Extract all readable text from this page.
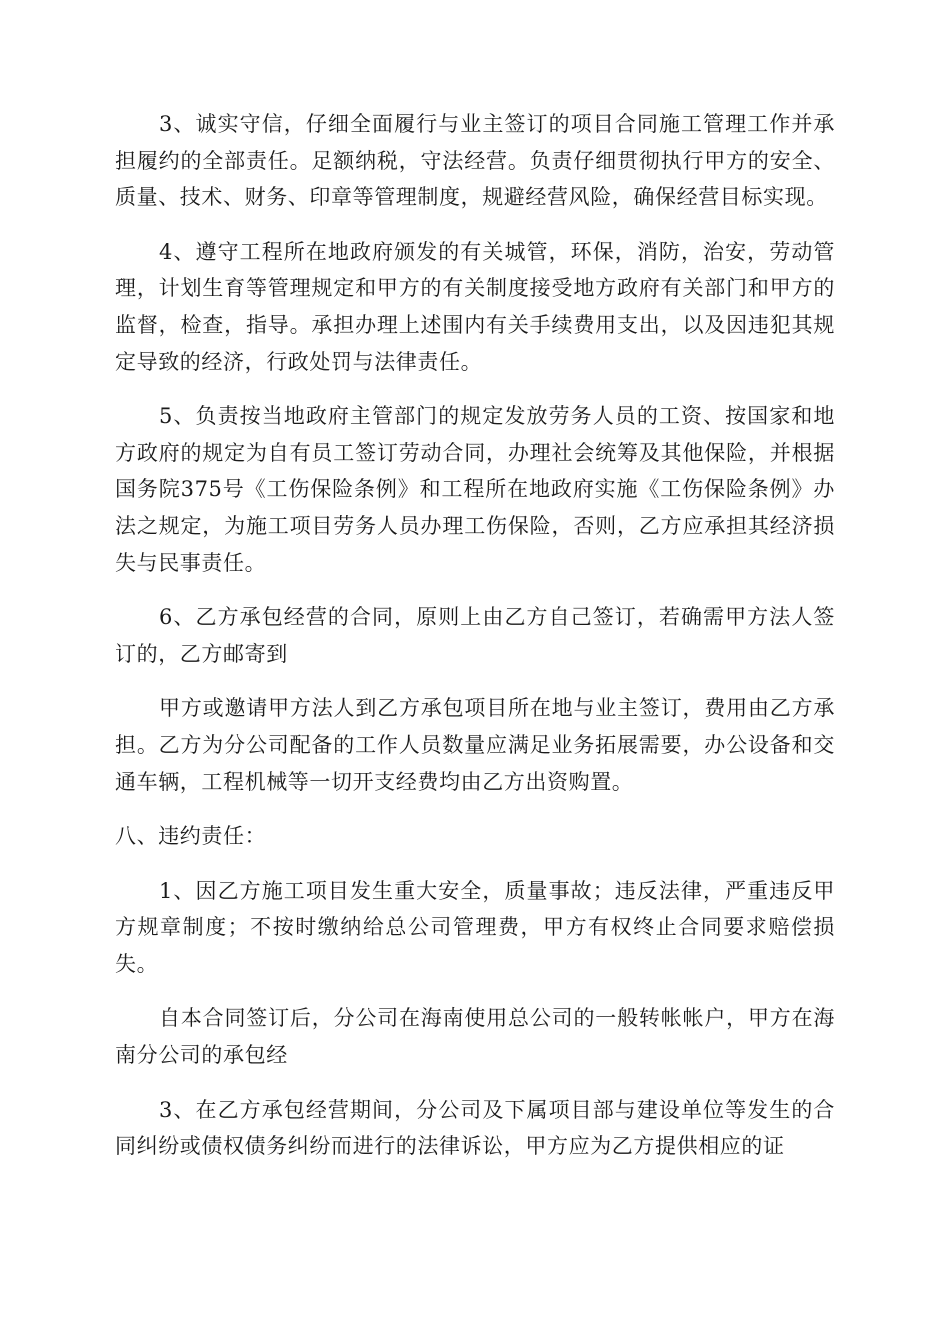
3、诚实守信，仔细全面履行与业主签订的项目合同施工管理工作并承担履约的全部责任。足额纳税，守法经营。负责仔细贯彻执行甲方的安全、质量、技术、财务、印章等管理制度，规避经营风险，确保经营目标实现。

4、遵守工程所在地政府颁发的有关城管，环保，消防，治安，劳动管理，计划生育等管理规定和甲方的有关制度接受地方政府有关部门和甲方的监督，检查，指导。承担办理上述围内有关手续费用支出，以及因违犯其规定导致的经济，行政处罚与法律责任。

5、负责按当地政府主管部门的规定发放劳务人员的工资、按国家和地方政府的规定为自有员工签订劳动合同，办理社会统筹及其他保险，并根据国务院375号《工伤保险条例》和工程所在地政府实施《工伤保险条例》办法之规定，为施工项目劳务人员办理工伤保险，否则，乙方应承担其经济损失与民事责任。

6、乙方承包经营的合同，原则上由乙方自己签订，若确需甲方法人签订的，乙方邮寄到

甲方或邀请甲方法人到乙方承包项目所在地与业主签订，费用由乙方承担。乙方为分公司配备的工作人员数量应满足业务拓展需要，办公设备和交通车辆，工程机械等一切开支经费均由乙方出资购置。

八、违约责任：

1、因乙方施工项目发生重大安全，质量事故；违反法律，严重违反甲方规章制度；不按时缴纳给总公司管理费，甲方有权终止合同要求赔偿损失。

自本合同签订后，分公司在海南使用总公司的一般转帐帐户，甲方在海南分公司的承包经

3、在乙方承包经营期间，分公司及下属项目部与建设单位等发生的合同纠纷或债权债务纠纷而进行的法律诉讼，甲方应为乙方提供相应的证
